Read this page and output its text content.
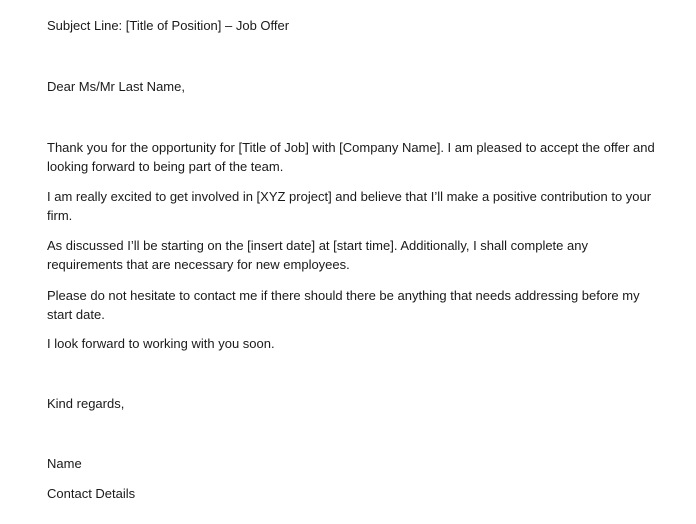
Subject Line: [Title of Position] – Job Offer
Dear Ms/Mr Last Name,
Thank you for the opportunity for [Title of Job] with [Company Name]. I am pleased to accept the offer and looking forward to being part of the team.
I am really excited to get involved in [XYZ project] and believe that I’ll make a positive contribution to your firm.
As discussed I’ll be starting on the [insert date] at [start time]. Additionally, I shall complete any requirements that are necessary for new employees.
Please do not hesitate to contact me if there should there be anything that needs addressing before my start date.
I look forward to working with you soon.
Kind regards,
Name
Contact Details
